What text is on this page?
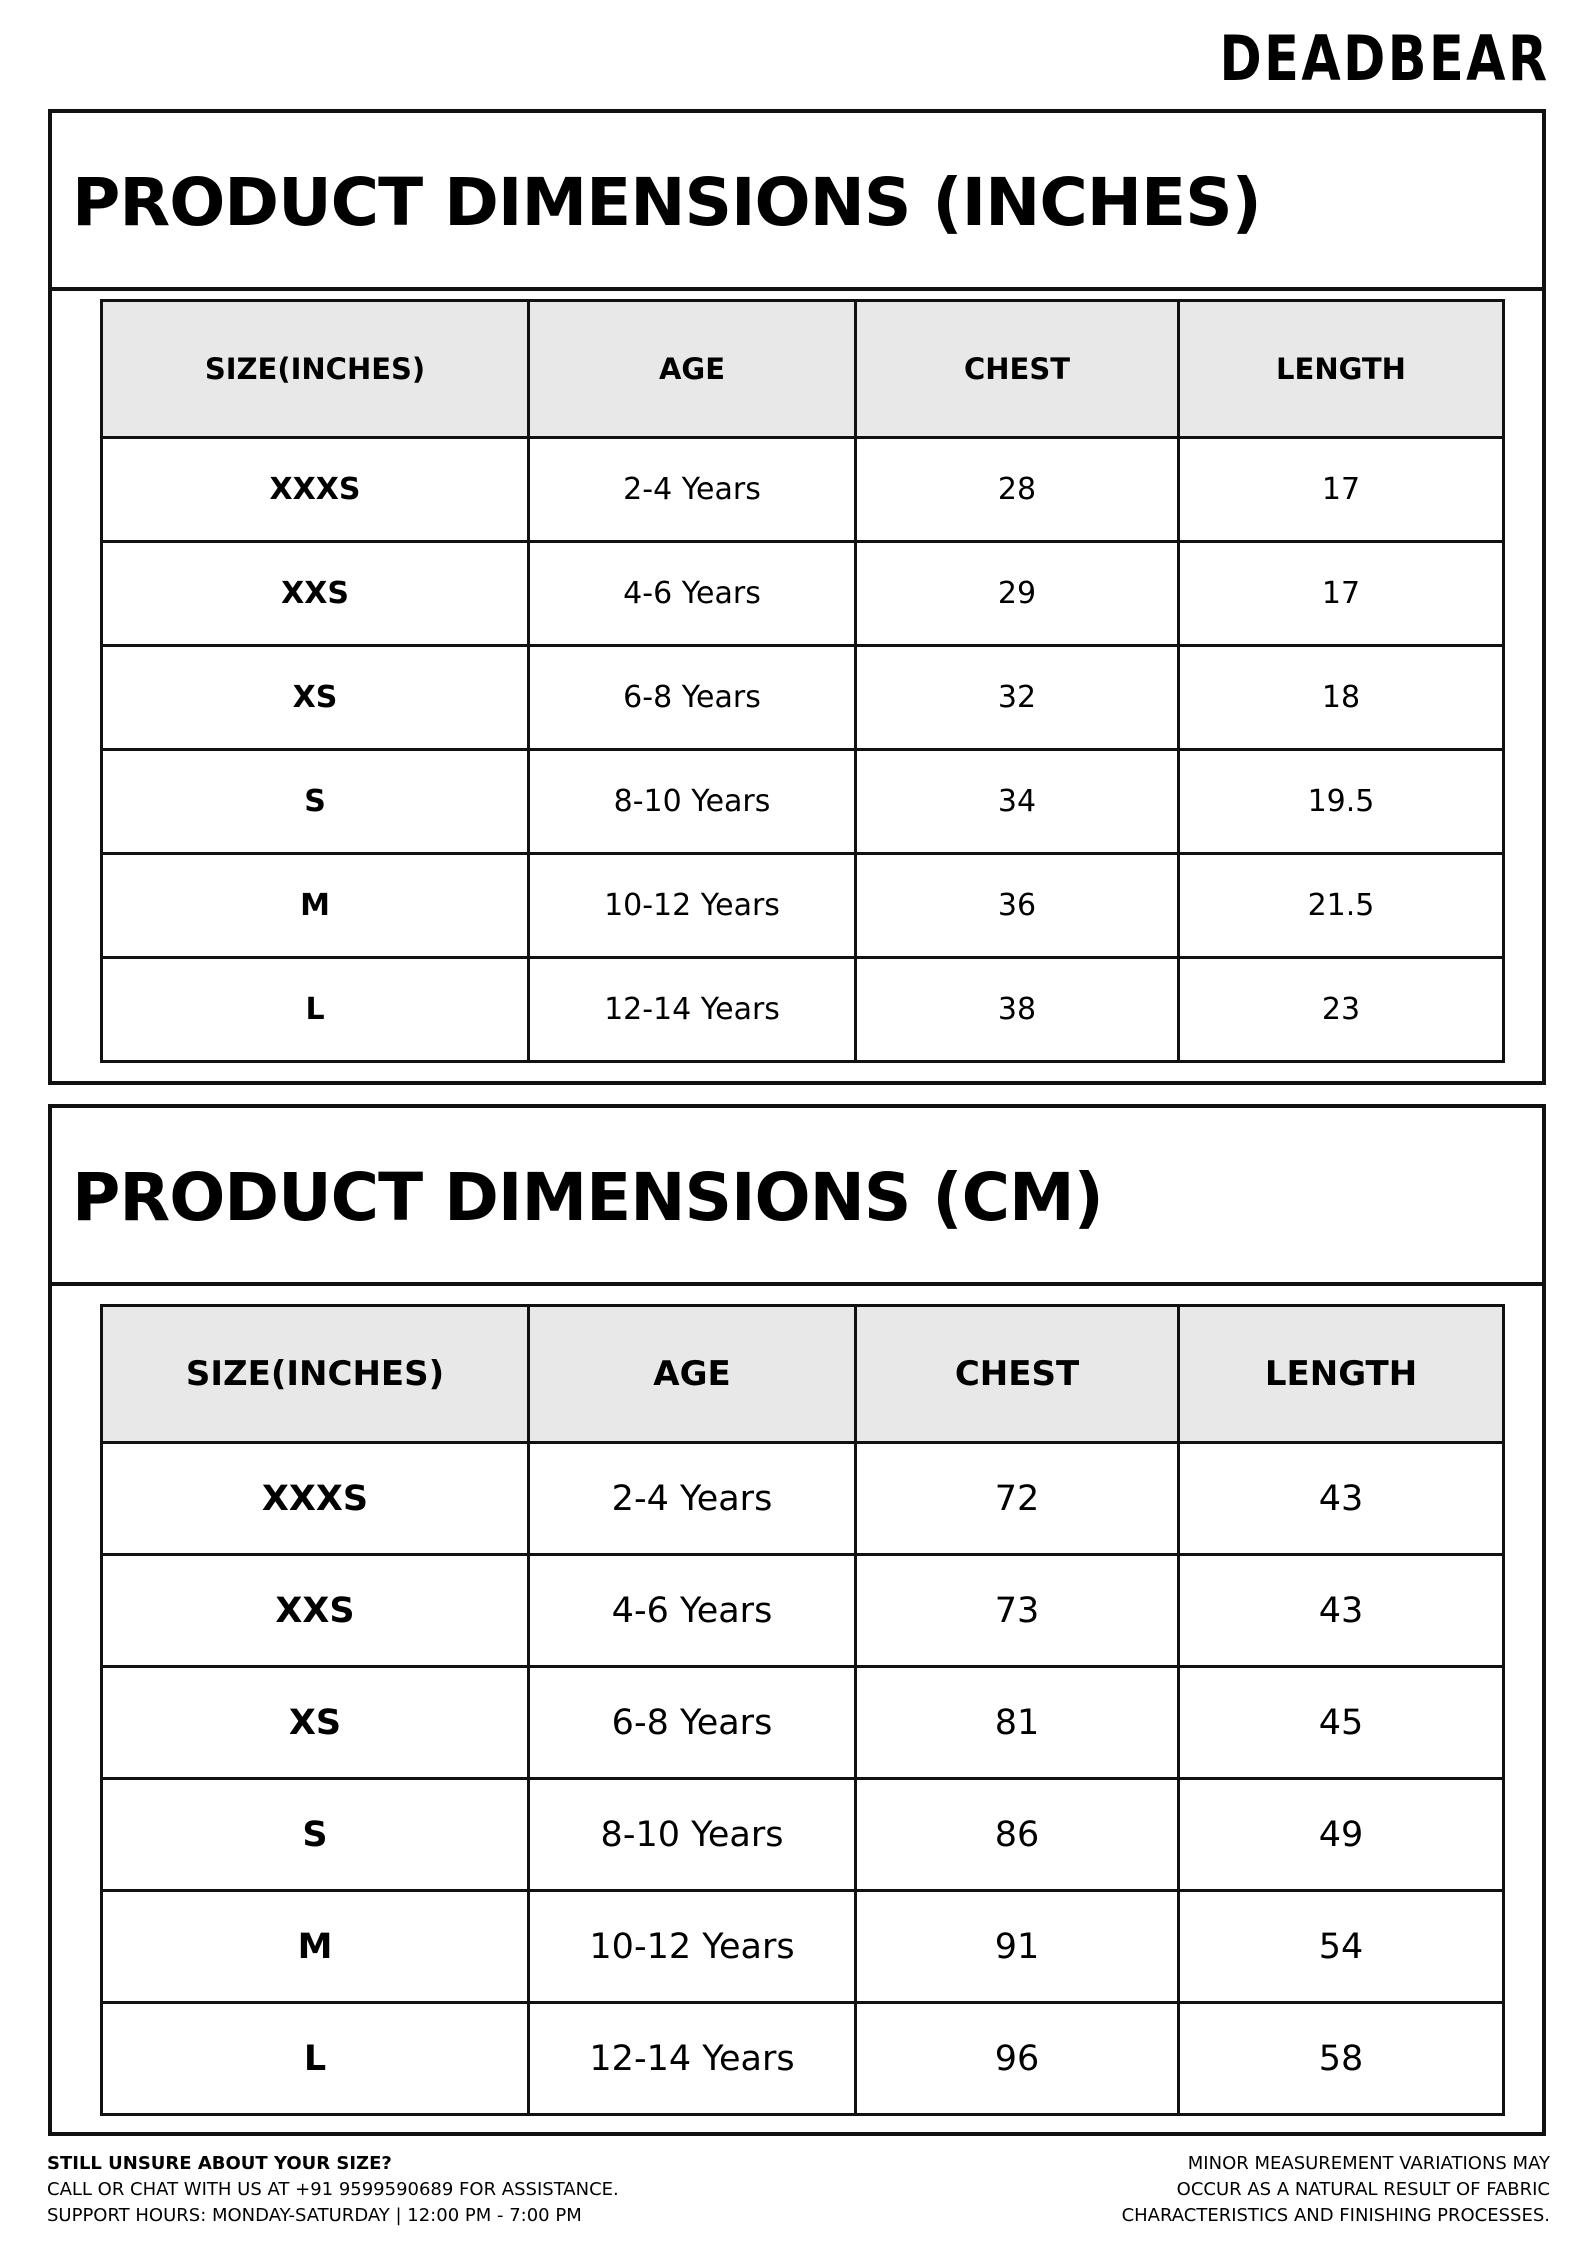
DEADBEAR
PRODUCT DIMENSIONS (INCHES)
SIZE(INCHES)	AGE	CHEST	LENGTH
XXXS	2-4 Years	28	17
XXS	4-6 Years	29	17
XS	6-8 Years	32	18
S	8-10 Years	34	19.5
M	10-12 Years	36	21.5
L	12-14 Years	38	23
PRODUCT DIMENSIONS (CM)
SIZE(INCHES)	AGE	CHEST	LENGTH
XXXS	2-4 Years	72	43
XXS	4-6 Years	73	43
XS	6-8 Years	81	45
S	8-10 Years	86	49
M	10-12 Years	91	54
L	12-14 Years	96	58
STILL UNSURE ABOUT YOUR SIZE?
CALL OR CHAT WITH US AT +91 9599590689 FOR ASSISTANCE.
SUPPORT HOURS: MONDAY-SATURDAY | 12:00 PM - 7:00 PM
MINOR MEASUREMENT VARIATIONS MAY
OCCUR AS A NATURAL RESULT OF FABRIC
CHARACTERISTICS AND FINISHING PROCESSES.
